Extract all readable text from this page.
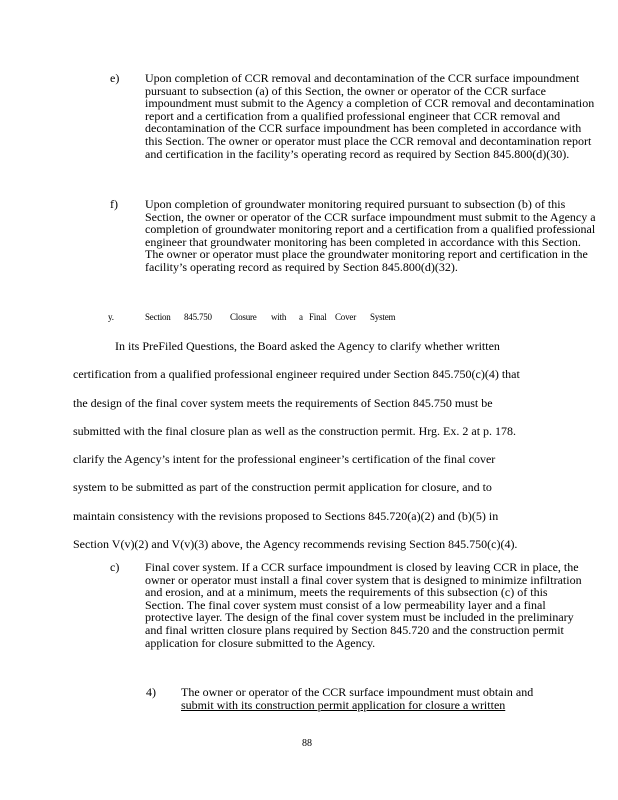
e) Upon completion of CCR removal and decontamination of the CCR surface impoundment pursuant to subsection (a) of this Section, the owner or operator of the CCR surface impoundment must submit to the Agency a completion of CCR removal and decontamination report and a certification from a qualified professional engineer that CCR removal and decontamination of the CCR surface impoundment has been completed in accordance with this Section. The owner or operator must place the CCR removal and decontamination report and certification in the facility’s operating record as required by Section 845.800(d)(30).

f) Upon completion of groundwater monitoring required pursuant to subsection (b) of this Section, the owner or operator of the CCR surface impoundment must submit to the Agency a completion of groundwater monitoring report and a certification from a qualified professional engineer that groundwater monitoring has been completed in accordance with this Section. The owner or operator must place the groundwater monitoring report and certification in the facility’s operating record as required by Section 845.800(d)(32).

y.	Section 845.750 Closure with a Final Cover System
In its PreFiled Questions, the Board asked the Agency to clarify whether written
certification from a qualified professional engineer required under Section 845.750(c)(4) that
the design of the final cover system meets the requirements of Section 845.750 must be
submitted with the final closure plan as well as the construction permit. Hrg. Ex. 2 at p. 178.
clarify the Agency’s intent for the professional engineer’s certification of the final cover
system to be submitted as part of the construction permit application for closure, and to
maintain consistency with the revisions proposed to Sections 845.720(a)(2) and (b)(5) in
Section V(v)(2) and V(v)(3) above, the Agency recommends revising Section 845.750(c)(4).
c) Final cover system. If a CCR surface impoundment is closed by leaving CCR in place, the owner or operator must install a final cover system that is designed to minimize infiltration and erosion, and at a minimum, meets the requirements of this subsection (c) of this Section. The final cover system must consist of a low permeability layer and a final protective layer. The design of the final cover system must be included in the preliminary and final written closure plans required by Section 845.720 and the construction permit application for closure submitted to the Agency.

4) The owner or operator of the CCR surface impoundment must obtain and
submit with its construction permit application for closure a written
88
